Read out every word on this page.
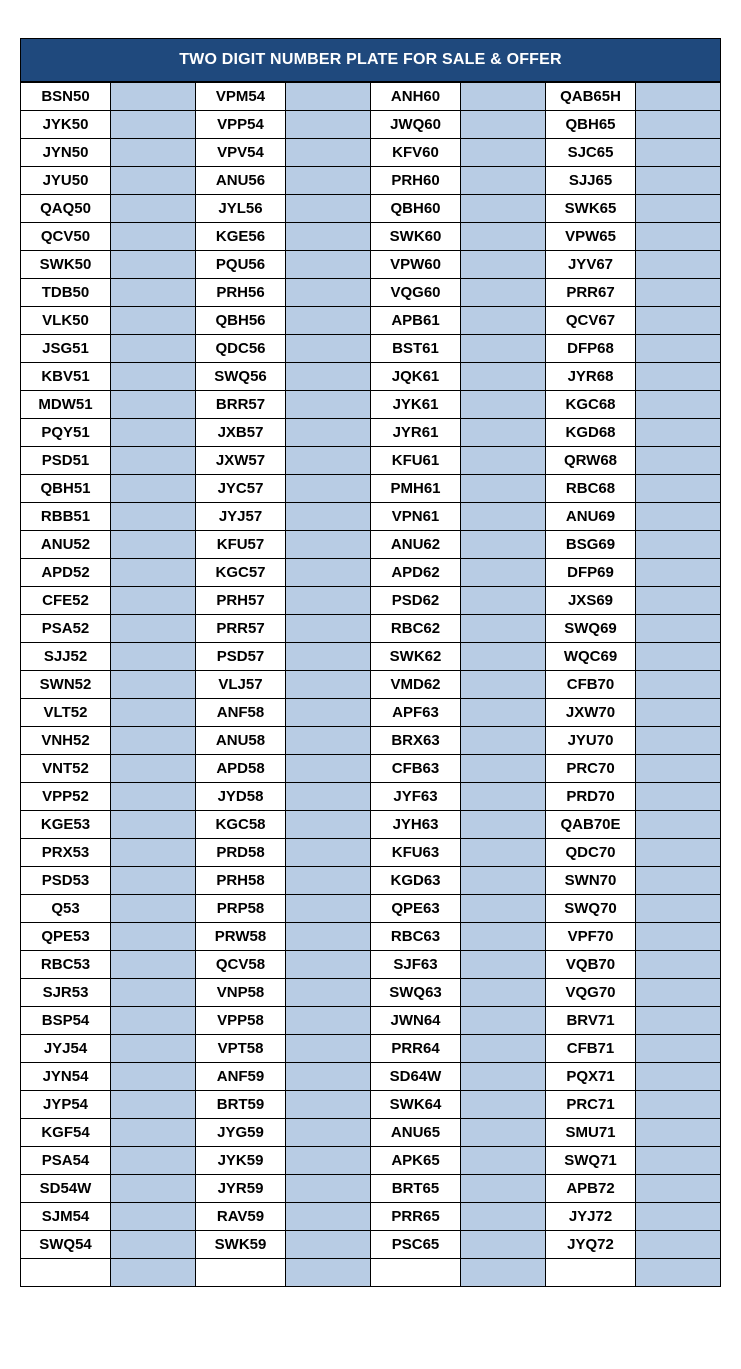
TWO DIGIT NUMBER PLATE FOR SALE & OFFER
BSN50		VPM54		ANH60		QAB65H	
JYK50		VPP54		JWQ60		QBH65	
JYN50		VPV54		KFV60		SJC65	
JYU50		ANU56		PRH60		SJJ65	
QAQ50		JYL56		QBH60		SWK65	
QCV50		KGE56		SWK60		VPW65	
SWK50		PQU56		VPW60		JYV67	
TDB50		PRH56		VQG60		PRR67	
VLK50		QBH56		APB61		QCV67	
JSG51		QDC56		BST61		DFP68	
KBV51		SWQ56		JQK61		JYR68	
MDW51		BRR57		JYK61		KGC68	
PQY51		JXB57		JYR61		KGD68	
PSD51		JXW57		KFU61		QRW68	
QBH51		JYC57		PMH61		RBC68	
RBB51		JYJ57		VPN61		ANU69	
ANU52		KFU57		ANU62		BSG69	
APD52		KGC57		APD62		DFP69	
CFE52		PRH57		PSD62		JXS69	
PSA52		PRR57		RBC62		SWQ69	
SJJ52		PSD57		SWK62		WQC69	
SWN52		VLJ57		VMD62		CFB70	
VLT52		ANF58		APF63		JXW70	
VNH52		ANU58		BRX63		JYU70	
VNT52		APD58		CFB63		PRC70	
VPP52		JYD58		JYF63		PRD70	
KGE53		KGC58		JYH63		QAB70E	
PRX53		PRD58		KFU63		QDC70	
PSD53		PRH58		KGD63		SWN70	
Q53		PRP58		QPE63		SWQ70	
QPE53		PRW58		RBC63		VPF70	
RBC53		QCV58		SJF63		VQB70	
SJR53		VNP58		SWQ63		VQG70	
BSP54		VPP58		JWN64		BRV71	
JYJ54		VPT58		PRR64		CFB71	
JYN54		ANF59		SD64W		PQX71	
JYP54		BRT59		SWK64		PRC71	
KGF54		JYG59		ANU65		SMU71	
PSA54		JYK59		APK65		SWQ71	
SD54W		JYR59		BRT65		APB72	
SJM54		RAV59		PRR65		JYJ72	
SWQ54		SWK59		PSC65		JYQ72	
